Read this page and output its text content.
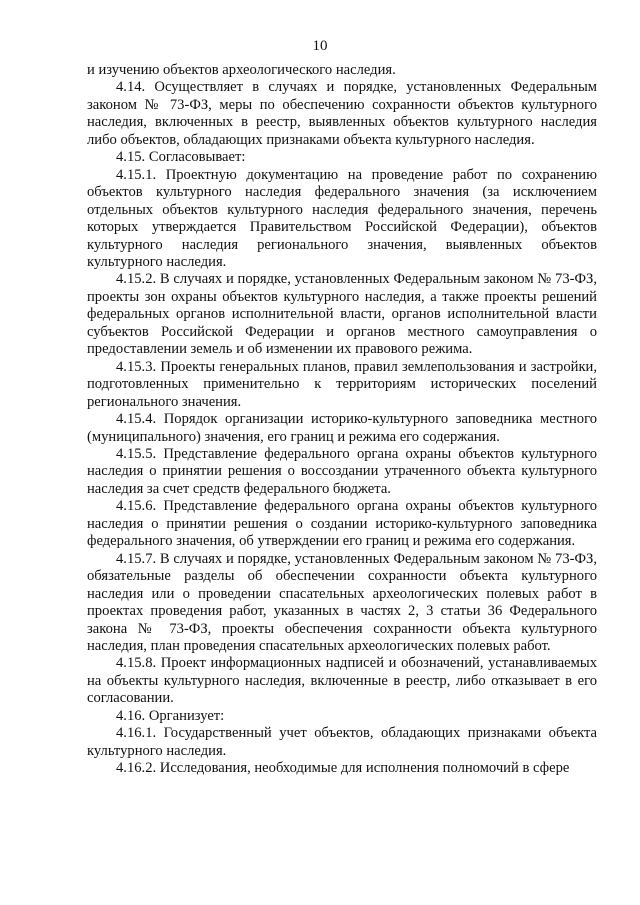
10

и изучению объектов археологического наследия.

4.14. Осуществляет в случаях и порядке, установленных Федеральным законом № 73-ФЗ, меры по обеспечению сохранности объектов культурного наследия, включенных в реестр, выявленных объектов культурного наследия либо объектов, обладающих признаками объекта культурного наследия.

4.15. Согласовывает:

4.15.1. Проектную документацию на проведение работ по сохранению объектов культурного наследия федерального значения (за исключением отдельных объектов культурного наследия федерального значения, перечень которых утверждается Правительством Российской Федерации), объектов культурного наследия регионального значения, выявленных объектов культурного наследия.

4.15.2. В случаях и порядке, установленных Федеральным законом № 73-ФЗ, проекты зон охраны объектов культурного наследия, а также проекты решений федеральных органов исполнительной власти, органов исполнительной власти субъектов Российской Федерации и органов местного самоуправления о предоставлении земель и об изменении их правового режима.

4.15.3. Проекты генеральных планов, правил землепользования и застройки, подготовленных применительно к территориям исторических поселений регионального значения.

4.15.4. Порядок организации историко-культурного заповедника местного (муниципального) значения, его границ и режима его содержания.

4.15.5. Представление федерального органа охраны объектов культурного наследия о принятии решения о воссоздании утраченного объекта культурного наследия за счет средств федерального бюджета.

4.15.6. Представление федерального органа охраны объектов культурного наследия о принятии решения о создании историко-культурного заповедника федерального значения, об утверждении его границ и режима его содержания.

4.15.7. В случаях и порядке, установленных Федеральным законом № 73-ФЗ, обязательные разделы об обеспечении сохранности объекта культурного наследия или о проведении спасательных археологических полевых работ в проектах проведения работ, указанных в частях 2, 3 статьи 36 Федерального закона № 73-ФЗ, проекты обеспечения сохранности объекта культурного наследия, план проведения спасательных археологических полевых работ.

4.15.8. Проект информационных надписей и обозначений, устанавливаемых на объекты культурного наследия, включенные в реестр, либо отказывает в его согласовании.

4.16. Организует:

4.16.1. Государственный учет объектов, обладающих признаками объекта культурного наследия.

4.16.2. Исследования, необходимые для исполнения полномочий в сфере
